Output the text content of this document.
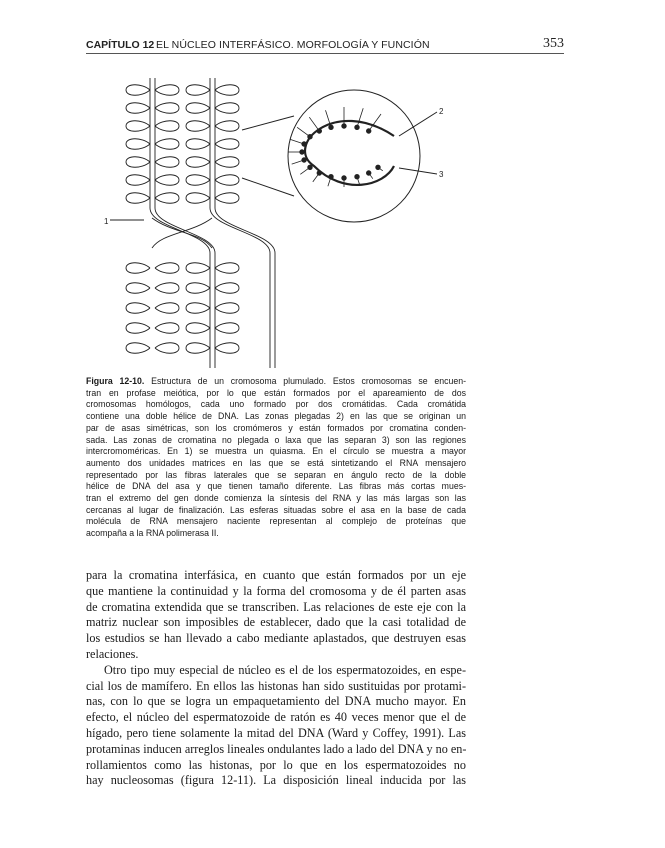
CAPÍTULO 12 EL NÚCLEO INTERFÁSICO. MORFOLOGÍA Y FUNCIÓN	353
1
2
3
Figura 12-10. Estructura de un cromosoma plumulado. Estos cromosomas se encuen-
tran en profase meiótica, por lo que están formados por el apareamiento de dos
cromosomas homólogos, cada uno formado por dos cromátidas. Cada cromátida
contiene una doble hélice de DNA. Las zonas plegadas 2) en las que se originan un
par de asas simétricas, son los cromómeros y están formados por cromatina conden-
sada. Las zonas de cromatina no plegada o laxa que las separan 3) son las regiones
intercromoméricas. En 1) se muestra un quiasma. En el círculo se muestra a mayor
aumento dos unidades matrices en las que se está sintetizando el RNA mensajero
representado por las fibras laterales que se separan en ángulo recto de la doble
hélice de DNA del asa y que tienen tamaño diferente. Las fibras más cortas mues-
tran el extremo del gen donde comienza la síntesis del RNA y las más largas son las
cercanas al lugar de finalización. Las esferas situadas sobre el asa en la base de cada
molécula de RNA mensajero naciente representan al complejo de proteínas que
acompaña a la RNA polimerasa II.
para la cromatina interfásica, en cuanto que están formados por un eje
que mantiene la continuidad y la forma del cromosoma y de él parten asas
de cromatina extendida que se transcriben. Las relaciones de este eje con la
matriz nuclear son imposibles de establecer, dado que la casi totalidad de
los estudios se han llevado a cabo mediante aplastados, que destruyen esas
relaciones.
Otro tipo muy especial de núcleo es el de los espermatozoides, en espe-
cial los de mamífero. En ellos las histonas han sido sustituidas por protami-
nas, con lo que se logra un empaquetamiento del DNA mucho mayor. En
efecto, el núcleo del espermatozoide de ratón es 40 veces menor que el de
hígado, pero tiene solamente la mitad del DNA (Ward y Coffey, 1991). Las
protaminas inducen arreglos lineales ondulantes lado a lado del DNA y no en-
rollamientos como las histonas, por lo que en los espermatozoides no
hay nucleosomas (figura 12-11). La disposición lineal inducida por las
